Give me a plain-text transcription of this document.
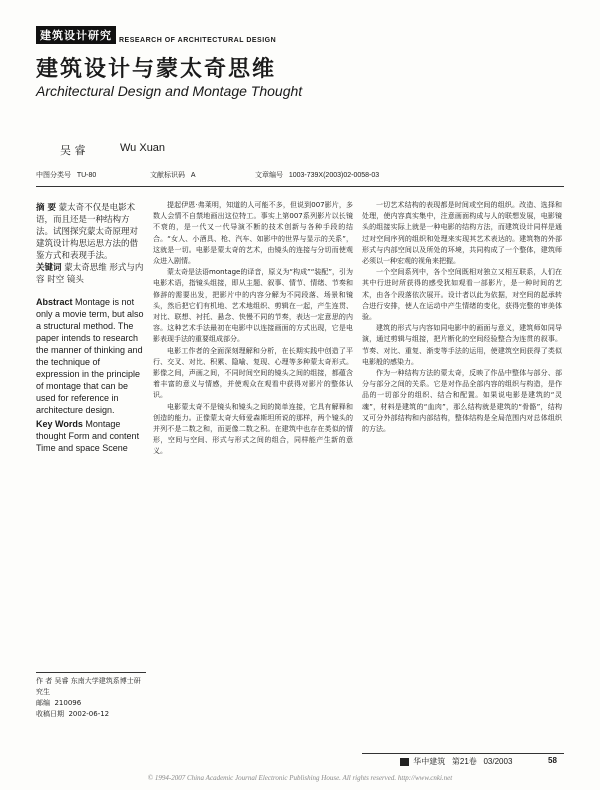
建筑设计研究	RESEARCH OF ARCHITECTURAL DESIGN
建筑设计与蒙太奇思维
Architectural Design and Montage Thought
吴 睿	Wu Xuan
中图分类号 TU-80	文献标识码 A	文章编号 1003-739X(2003)02-0058-03
摘 要 蒙太奇不仅是电影术语，而且还是一种结构方法。试图探究蒙太奇原理对建筑设计构思运思方法的借鉴方式和表现手法。
关键词 蒙太奇思维 形式与内容 时空 镜头
Abstract Montage is not only a movie term, but also a structural method. The paper intends to research the manner of thinking and the technique of expression in the principle of montage that can be used for reference in architecture design.
Key Words Montage thought Form and content Time and space Scene

提起伊恩·弗莱明，知道的人可能不多，但说到007影片，多数人会情不自禁地画出这位特工。事实上第007系列影片以长镜不衰的，是一代又一代导演不断的技术创新与各种手段的结合。“女人、小酒具、枪、汽车、如影中的世界与显示的关系”，这就是一切。电影是蒙太奇的艺术，由镜头的连接与分切而使观众进入剧情。

蒙太奇是法语montage的译音，原义为“构成”“装配”，引为电影术语，指镜头组接，即从主题、叙事、情节、情绪、节奏和修辞的需要出发，把影片中的内容分解为不同段落、场景和镜头，然后把它们有机地、艺术地组织、剪辑在一起，产生连贯、对比、联想、衬托、悬念、快慢不同的节奏，表达一定意思的内容。这种艺术手法最初在电影中以连接画面的方式出现，它是电影表现手法的重要组成部分。

电影工作者的全面深刻理解和分析，在长期实践中创造了平行、交叉、对比、积累、隐喻、复现、心理等多种蒙太奇形式。影像之间，声画之间，不同时间空间的镜头之间的组接，都蕴含着丰富的意义与情感，并使观众在观看中获得对影片的整体认识。

电影蒙太奇不是镜头和镜头之间的简单连接，它具有解释和创造的能力。正像蒙太奇大师爱森斯坦所说的那样，两个镜头的并列不是二数之和，而更像二数之积。在建筑中也存在类似的情形，空间与空间、形式与形式之间的组合，同样能产生新的意义。

一切艺术结构的表现都是时间或空间的组织。改造、选择和处理，使内容真实集中，注意画面构成与人的联想发展，电影镜头的组接实际上就是一种电影的结构方法，而建筑设计同样是通过对空间序列的组织和处理来实现其艺术表达的。建筑物的外部形式与内部空间以及所处的环境，共同构成了一个整体，建筑师必须以一种宏观的视角来把握。

一个空间系列中，各个空间既相对独立又相互联系，人们在其中行进时所获得的感受犹如观看一部影片，是一种时间的艺术，由各个段落依次展开。设计者以此为依据，对空间的起承转合进行安排，使人在运动中产生情绪的变化，获得完整的审美体验。

建筑的形式与内容如同电影中的画面与意义，建筑师如同导演，通过剪辑与组接，把片断化的空间经验整合为连贯的叙事。节奏、对比、重复、渐变等手法的运用，使建筑空间获得了类似电影般的感染力。

作为一种结构方法的蒙太奇，反映了作品中整体与部分、部分与部分之间的关系。它是对作品全部内容的组织与构造，是作品的一切部分的组织、结合和配置。如果说电影是建筑的“灵魂”，材料是建筑的“血肉”，那么结构就是建筑的“骨骼”，结构又可分外部结构和内部结构，整体结构是全局范围内对总体组织的方法。

作 者 吴睿 东南大学建筑系博士研究生
邮编 210096
收稿日期 2002-06-12
华中建筑 第21卷 03/2003	58
© 1994-2007 China Academic Journal Electronic Publishing House. All rights reserved. http://www.cnki.net
